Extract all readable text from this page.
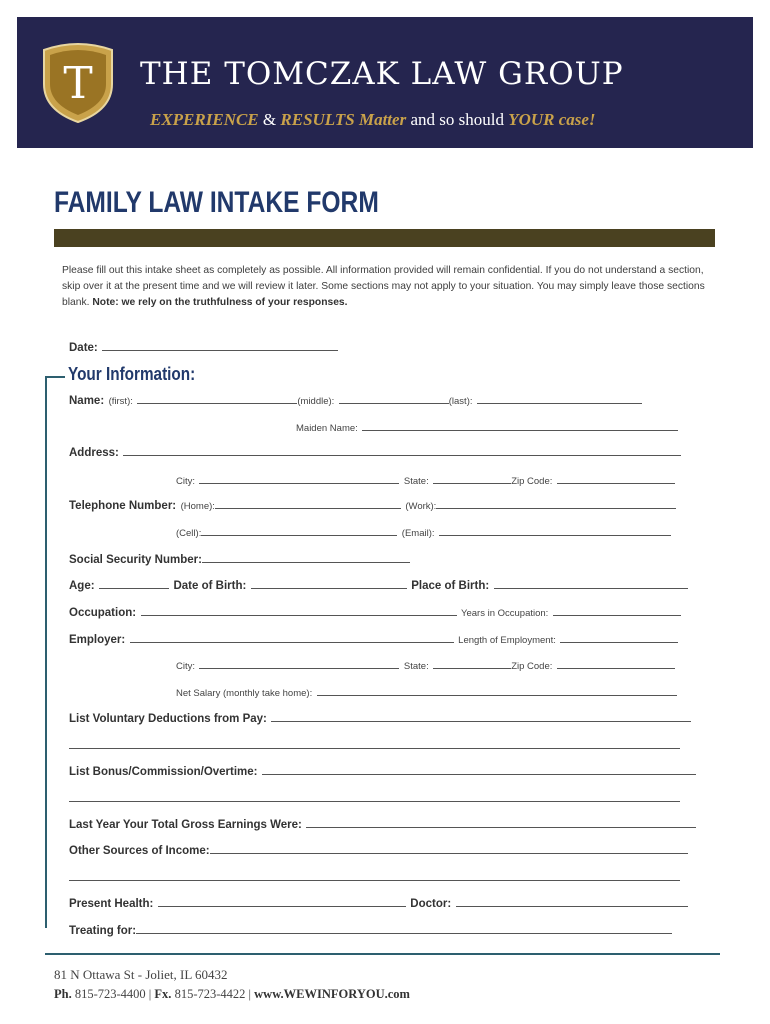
T THE TOMCZAK LAW GROUP
EXPERIENCE & RESULTS Matter and so should YOUR case!
FAMILY LAW INTAKE FORM
Please fill out this intake sheet as completely as possible. All information provided will remain confidential. If you do not understand a section, skip over it at the present time and we will review it later. Some sections may not apply to your situation. You may simply leave those sections blank. Note: we rely on the truthfulness of your responses.
Date:
Your Information:
Name: (first):	(middle):	(last):
Maiden Name:
Address:
City:	State:	Zip Code:
Telephone Number: (Home):	(Work):
(Cell):	(Email):
Social Security Number:
Age:	Date of Birth:	Place of Birth:
Occupation:	Years in Occupation:
Employer:	Length of Employment:
City:	State:	Zip Code:
Net Salary (monthly take home):
List Voluntary Deductions from Pay:
List Bonus/Commission/Overtime:
Last Year Your Total Gross Earnings Were:
Other Sources of Income:
Present Health:	Doctor:
Treating for:
81 N Ottawa St - Joliet, IL 60432
Ph. 815-723-4400 | Fx. 815-723-4422 | www.WEWINFORYOU.com
